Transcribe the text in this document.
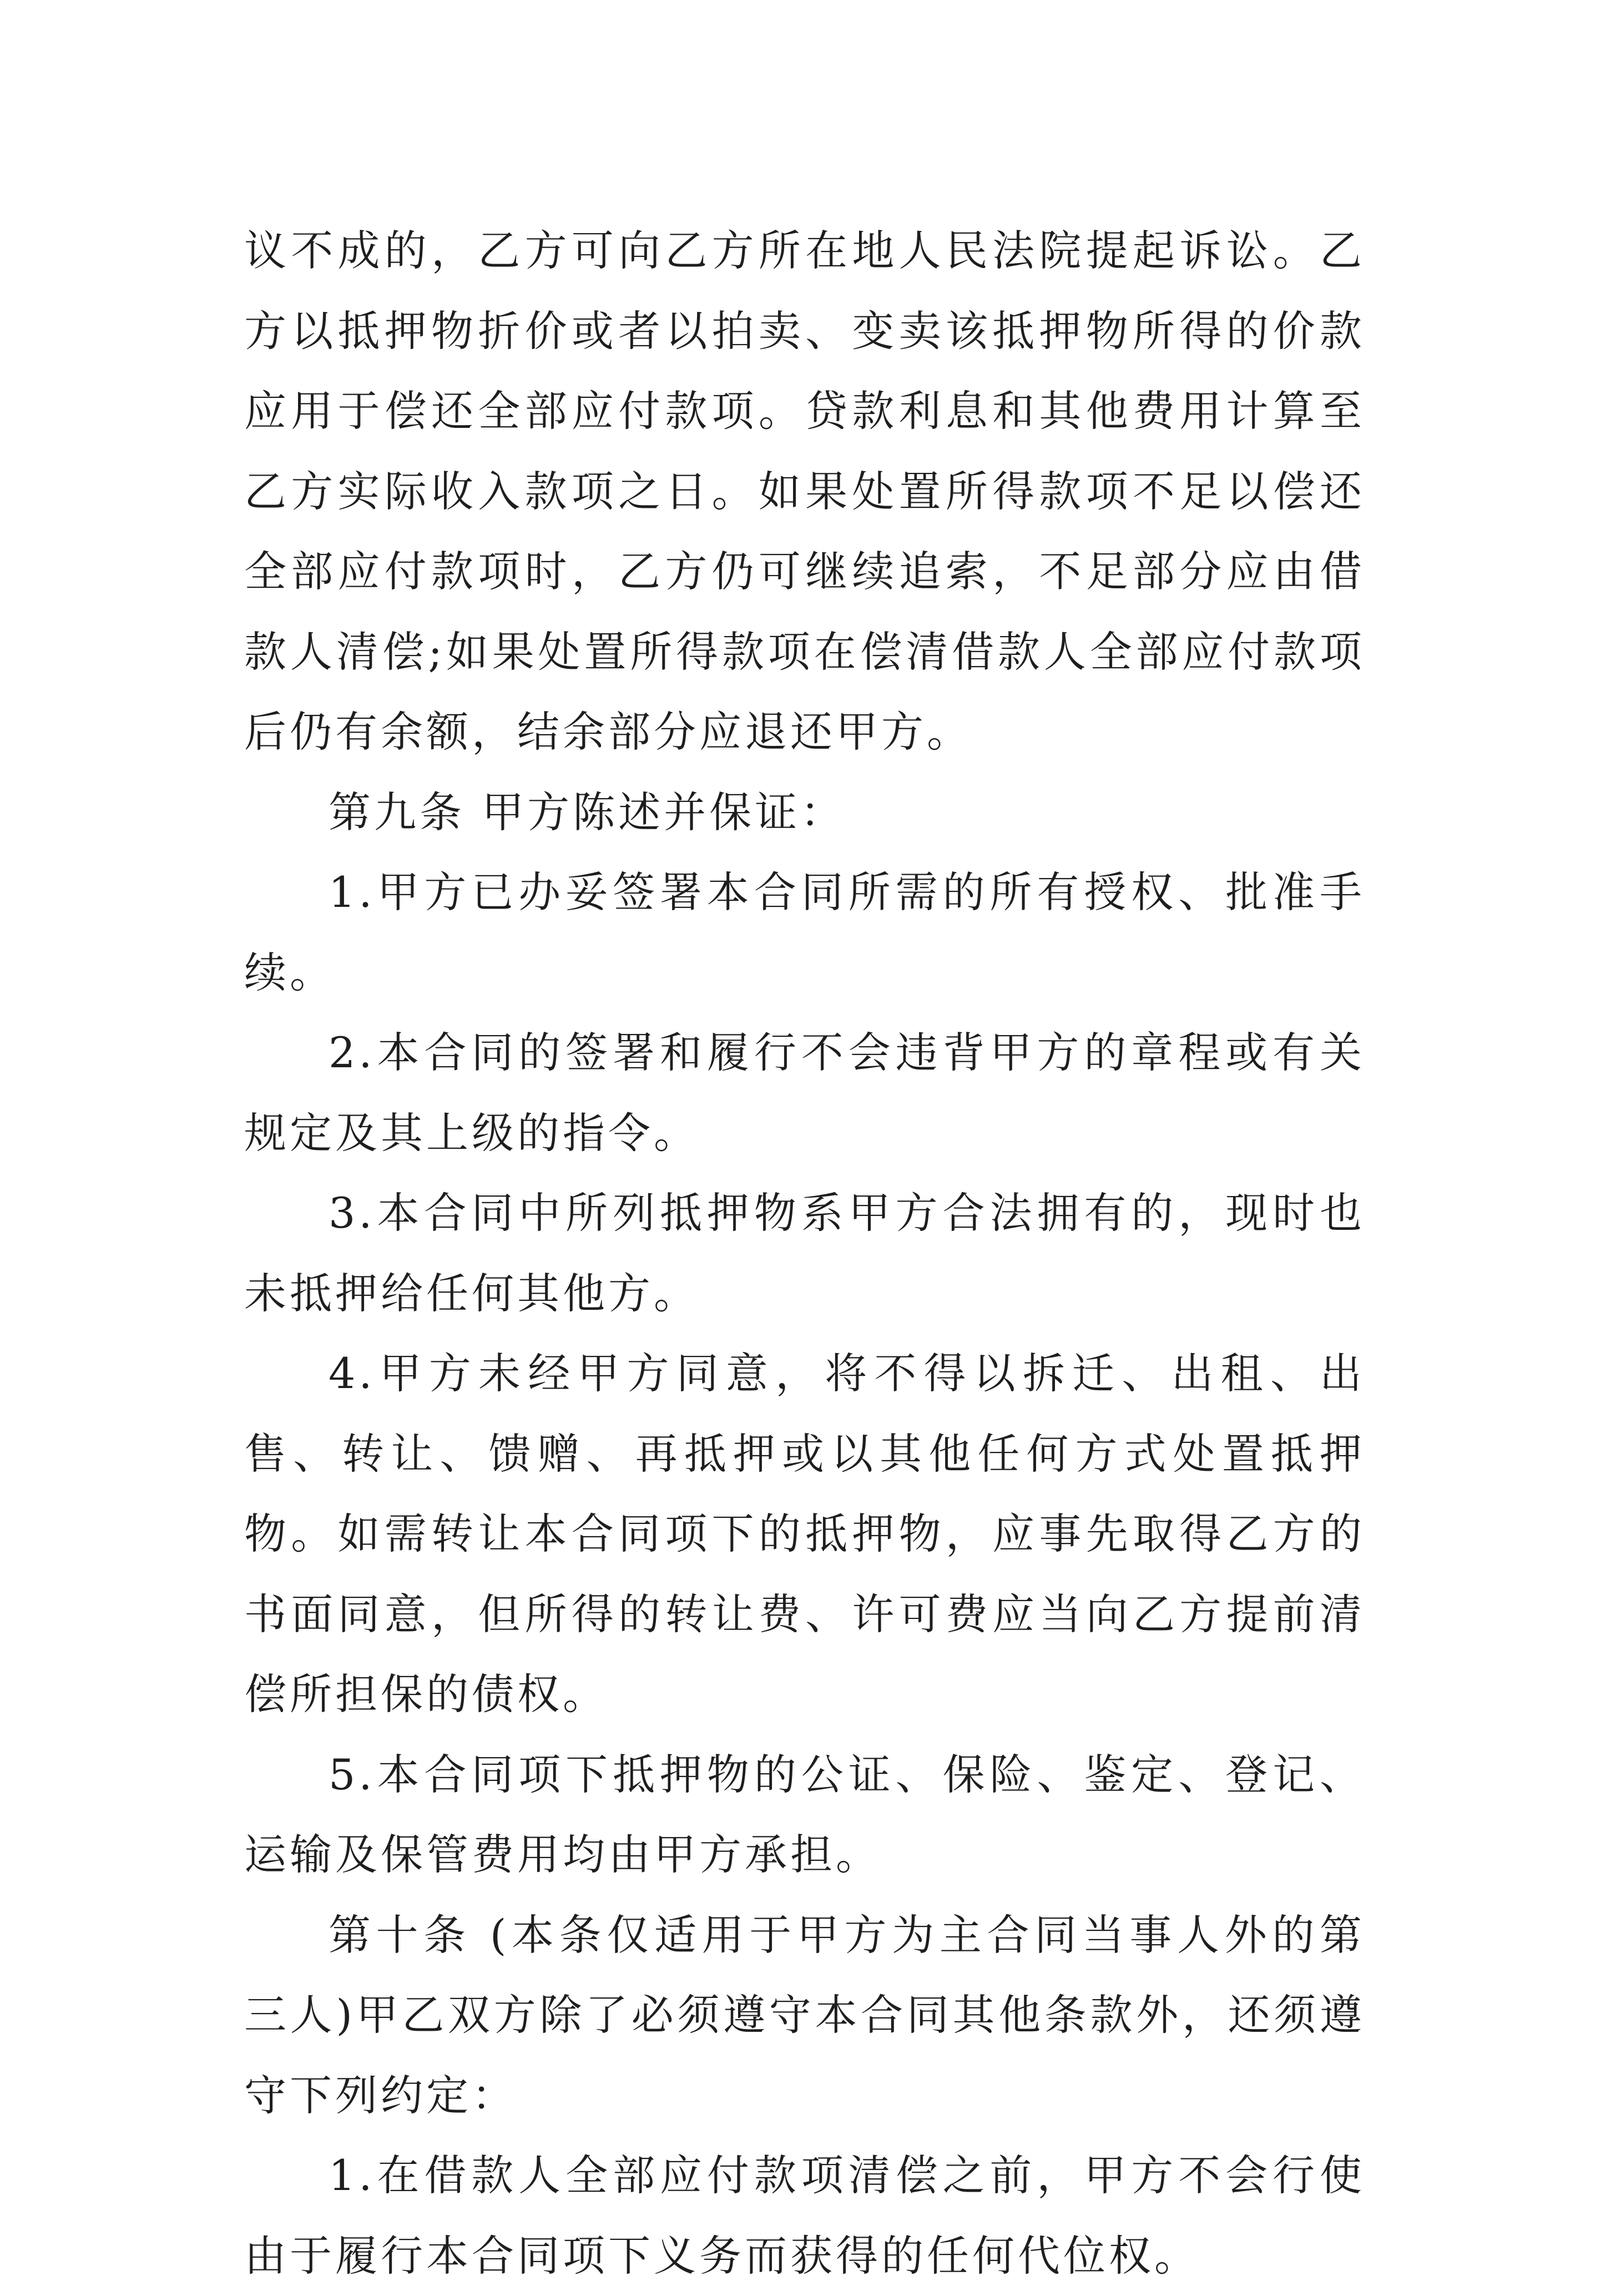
议不成的，乙方可向乙方所在地人民法院提起诉讼。乙方以抵押物折价或者以拍卖、变卖该抵押物所得的价款应用于偿还全部应付款项。贷款利息和其他费用计算至乙方实际收入款项之日。如果处置所得款项不足以偿还全部应付款项时，乙方仍可继续追索，不足部分应由借款人清偿;如果处置所得款项在偿清借款人全部应付款项后仍有余额，结余部分应退还甲方。

第九条 甲方陈述并保证：

1.甲方已办妥签署本合同所需的所有授权、批准手续。

2.本合同的签署和履行不会违背甲方的章程或有关规定及其上级的指令。

3.本合同中所列抵押物系甲方合法拥有的，现时也未抵押给任何其他方。

4.甲方未经甲方同意，将不得以拆迁、出租、出售、转让、馈赠、再抵押或以其他任何方式处置抵押物。如需转让本合同项下的抵押物，应事先取得乙方的书面同意，但所得的转让费、许可费应当向乙方提前清偿所担保的债权。

5.本合同项下抵押物的公证、保险、鉴定、登记、运输及保管费用均由甲方承担。

第十条 (本条仅适用于甲方为主合同当事人外的第三人)甲乙双方除了必须遵守本合同其他条款外，还须遵守下列约定：

1.在借款人全部应付款项清偿之前，甲方不会行使由于履行本合同项下义务而获得的任何代位权。
